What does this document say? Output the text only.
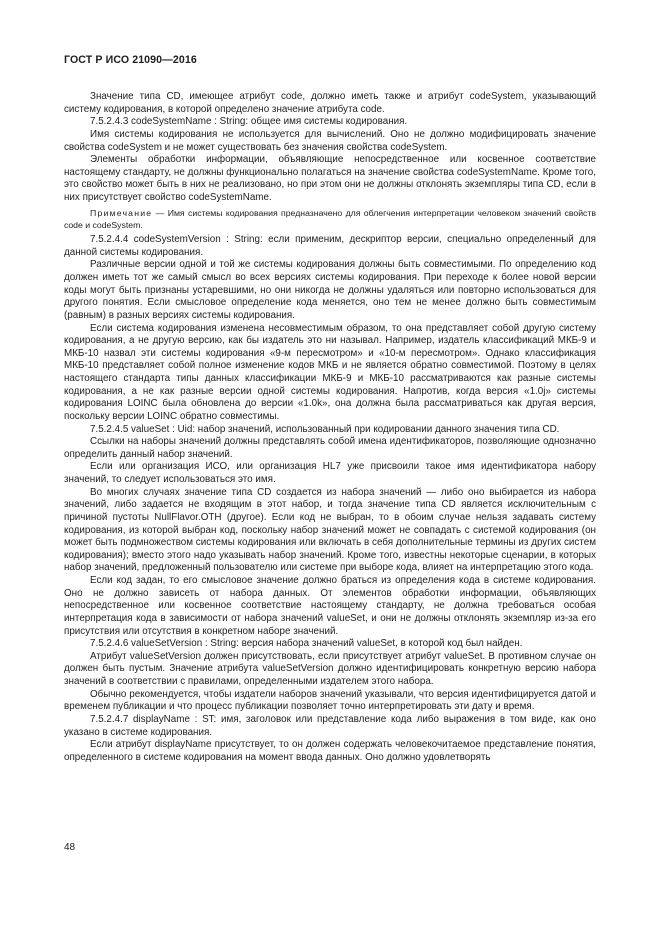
ГОСТ Р ИСО 21090—2016

Значение типа CD, имеющее атрибут code, должно иметь также и атрибут codeSystem, указывающий систему кодирования, в которой определено значение атрибута code.

7.5.2.4.3 codeSystemName : String: общее имя системы кодирования.

Имя системы кодирования не используется для вычислений. Оно не должно модифицировать значение свойства codeSystem и не может существовать без значения свойства codeSystem.

Элементы обработки информации, объявляющие непосредственное или косвенное соответствие настоящему стандарту, не должны функционально полагаться на значение свойства codeSystemName. Кроме того, это свойство может быть в них не реализовано, но при этом они не должны отклонять экземпляры типа CD, если в них присутствует свойство codeSystemName.

Примечание — Имя системы кодирования предназначено для облегчения интерпретации человеком значений свойств code и codeSystem.

7.5.2.4.4 codeSystemVersion : String: если применим, дескриптор версии, специально определенный для данной системы кодирования.

Различные версии одной и той же системы кодирования должны быть совместимыми. По определению код должен иметь тот же самый смысл во всех версиях системы кодирования. При переходе к более новой версии коды могут быть признаны устаревшими, но они никогда не должны удаляться или повторно использоваться для другого понятия. Если смысловое определение кода меняется, оно тем не менее должно быть совместимым (равным) в разных версиях системы кодирования.

Если система кодирования изменена несовместимым образом, то она представляет собой другую систему кодирования, а не другую версию, как бы издатель это ни называл. Например, издатель классификаций МКБ-9 и МКБ-10 назвал эти системы кодирования «9-м пересмотром» и «10-м пересмотром». Однако классификация МКБ-10 представляет собой полное изменение кодов МКБ и не является обратно совместимой. Поэтому в целях настоящего стандарта типы данных классификации МКБ-9 и МКБ-10 рассматриваются как разные системы кодирования, а не как разные версии одной системы кодирования. Напротив, когда версия «1.0j» системы кодирования LOINC была обновлена до версии «1.0k», она должна была рассматриваться как другая версия, поскольку версии LOINC обратно совместимы.

7.5.2.4.5 valueSet : Uid: набор значений, использованный при кодировании данного значения типа CD.

Ссылки на наборы значений должны представлять собой имена идентификаторов, позволяющие однозначно определить данный набор значений.

Если или организация ИСО, или организация HL7 уже присвоили такое имя идентификатора набору значений, то следует использоваться это имя.

Во многих случаях значение типа CD создается из набора значений — либо оно выбирается из набора значений, либо задается не входящим в этот набор, и тогда значение типа CD является исключительным с причиной пустоты NullFlavor.OTH (другое). Если код не выбран, то в обоим случае нельзя задавать систему кодирования, из которой выбран код, поскольку набор значений может не совпадать с системой кодирования (он может быть подмножеством системы кодирования или включать в себя дополнительные термины из других систем кодирования); вместо этого надо указывать набор значений. Кроме того, известны некоторые сценарии, в которых набор значений, предложенный пользователю или системе при выборе кода, влияет на интерпретацию этого кода.

Если код задан, то его смысловое значение должно браться из определения кода в системе кодирования. Оно не должно зависеть от набора данных. От элементов обработки информации, объявляющих непосредственное или косвенное соответствие настоящему стандарту, не должна требоваться особая интерпретация кода в зависимости от набора значений valueSet, и они не должны отклонять экземпляр из-за его присутствия или отсутствия в конкретном наборе значений.

7.5.2.4.6 valueSetVersion : String: версия набора значений valueSet, в которой код был найден.

Атрибут valueSetVersion должен присутствовать, если присутствует атрибут valueSet. В противном случае он должен быть пустым. Значение атрибута valueSetVersion должно идентифицировать конкретную версию набора значений в соответствии с правилами, определенными издателем этого набора.

Обычно рекомендуется, чтобы издатели наборов значений указывали, что версия идентифицируется датой и временем публикации и что процесс публикации позволяет точно интерпретировать эти дату и время.

7.5.2.4.7 displayName : ST: имя, заголовок или представление кода либо выражения в том виде, как оно указано в системе кодирования.

Если атрибут displayName присутствует, то он должен содержать человекочитаемое представление понятия, определенного в системе кодирования на момент ввода данных. Оно должно удовлетворять

48
